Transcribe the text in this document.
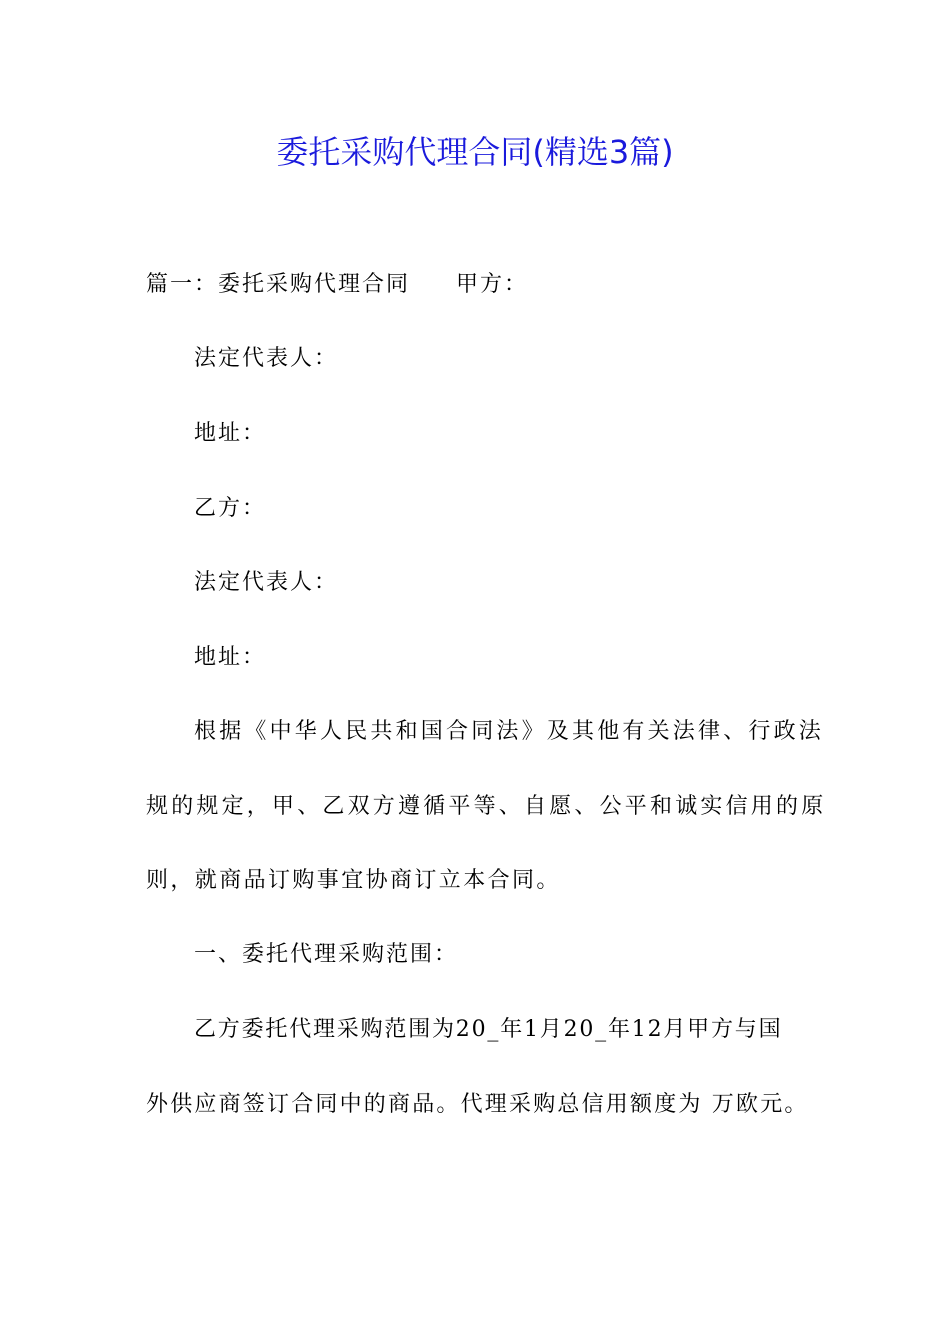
委托采购代理合同(精选3篇)
篇一：委托采购代理合同 甲方：
法定代表人：
地址：
乙方：
法定代表人：
地址：
根据《中华人民共和国合同法》及其他有关法律、行政法
规的规定，甲、乙双方遵循平等、自愿、公平和诚实信用的原
则，就商品订购事宜协商订立本合同。
一、委托代理采购范围：
乙方委托代理采购范围为20_年1月20_年12月甲方与国
外供应商签订合同中的商品。代理采购总信用额度为 万欧元。
